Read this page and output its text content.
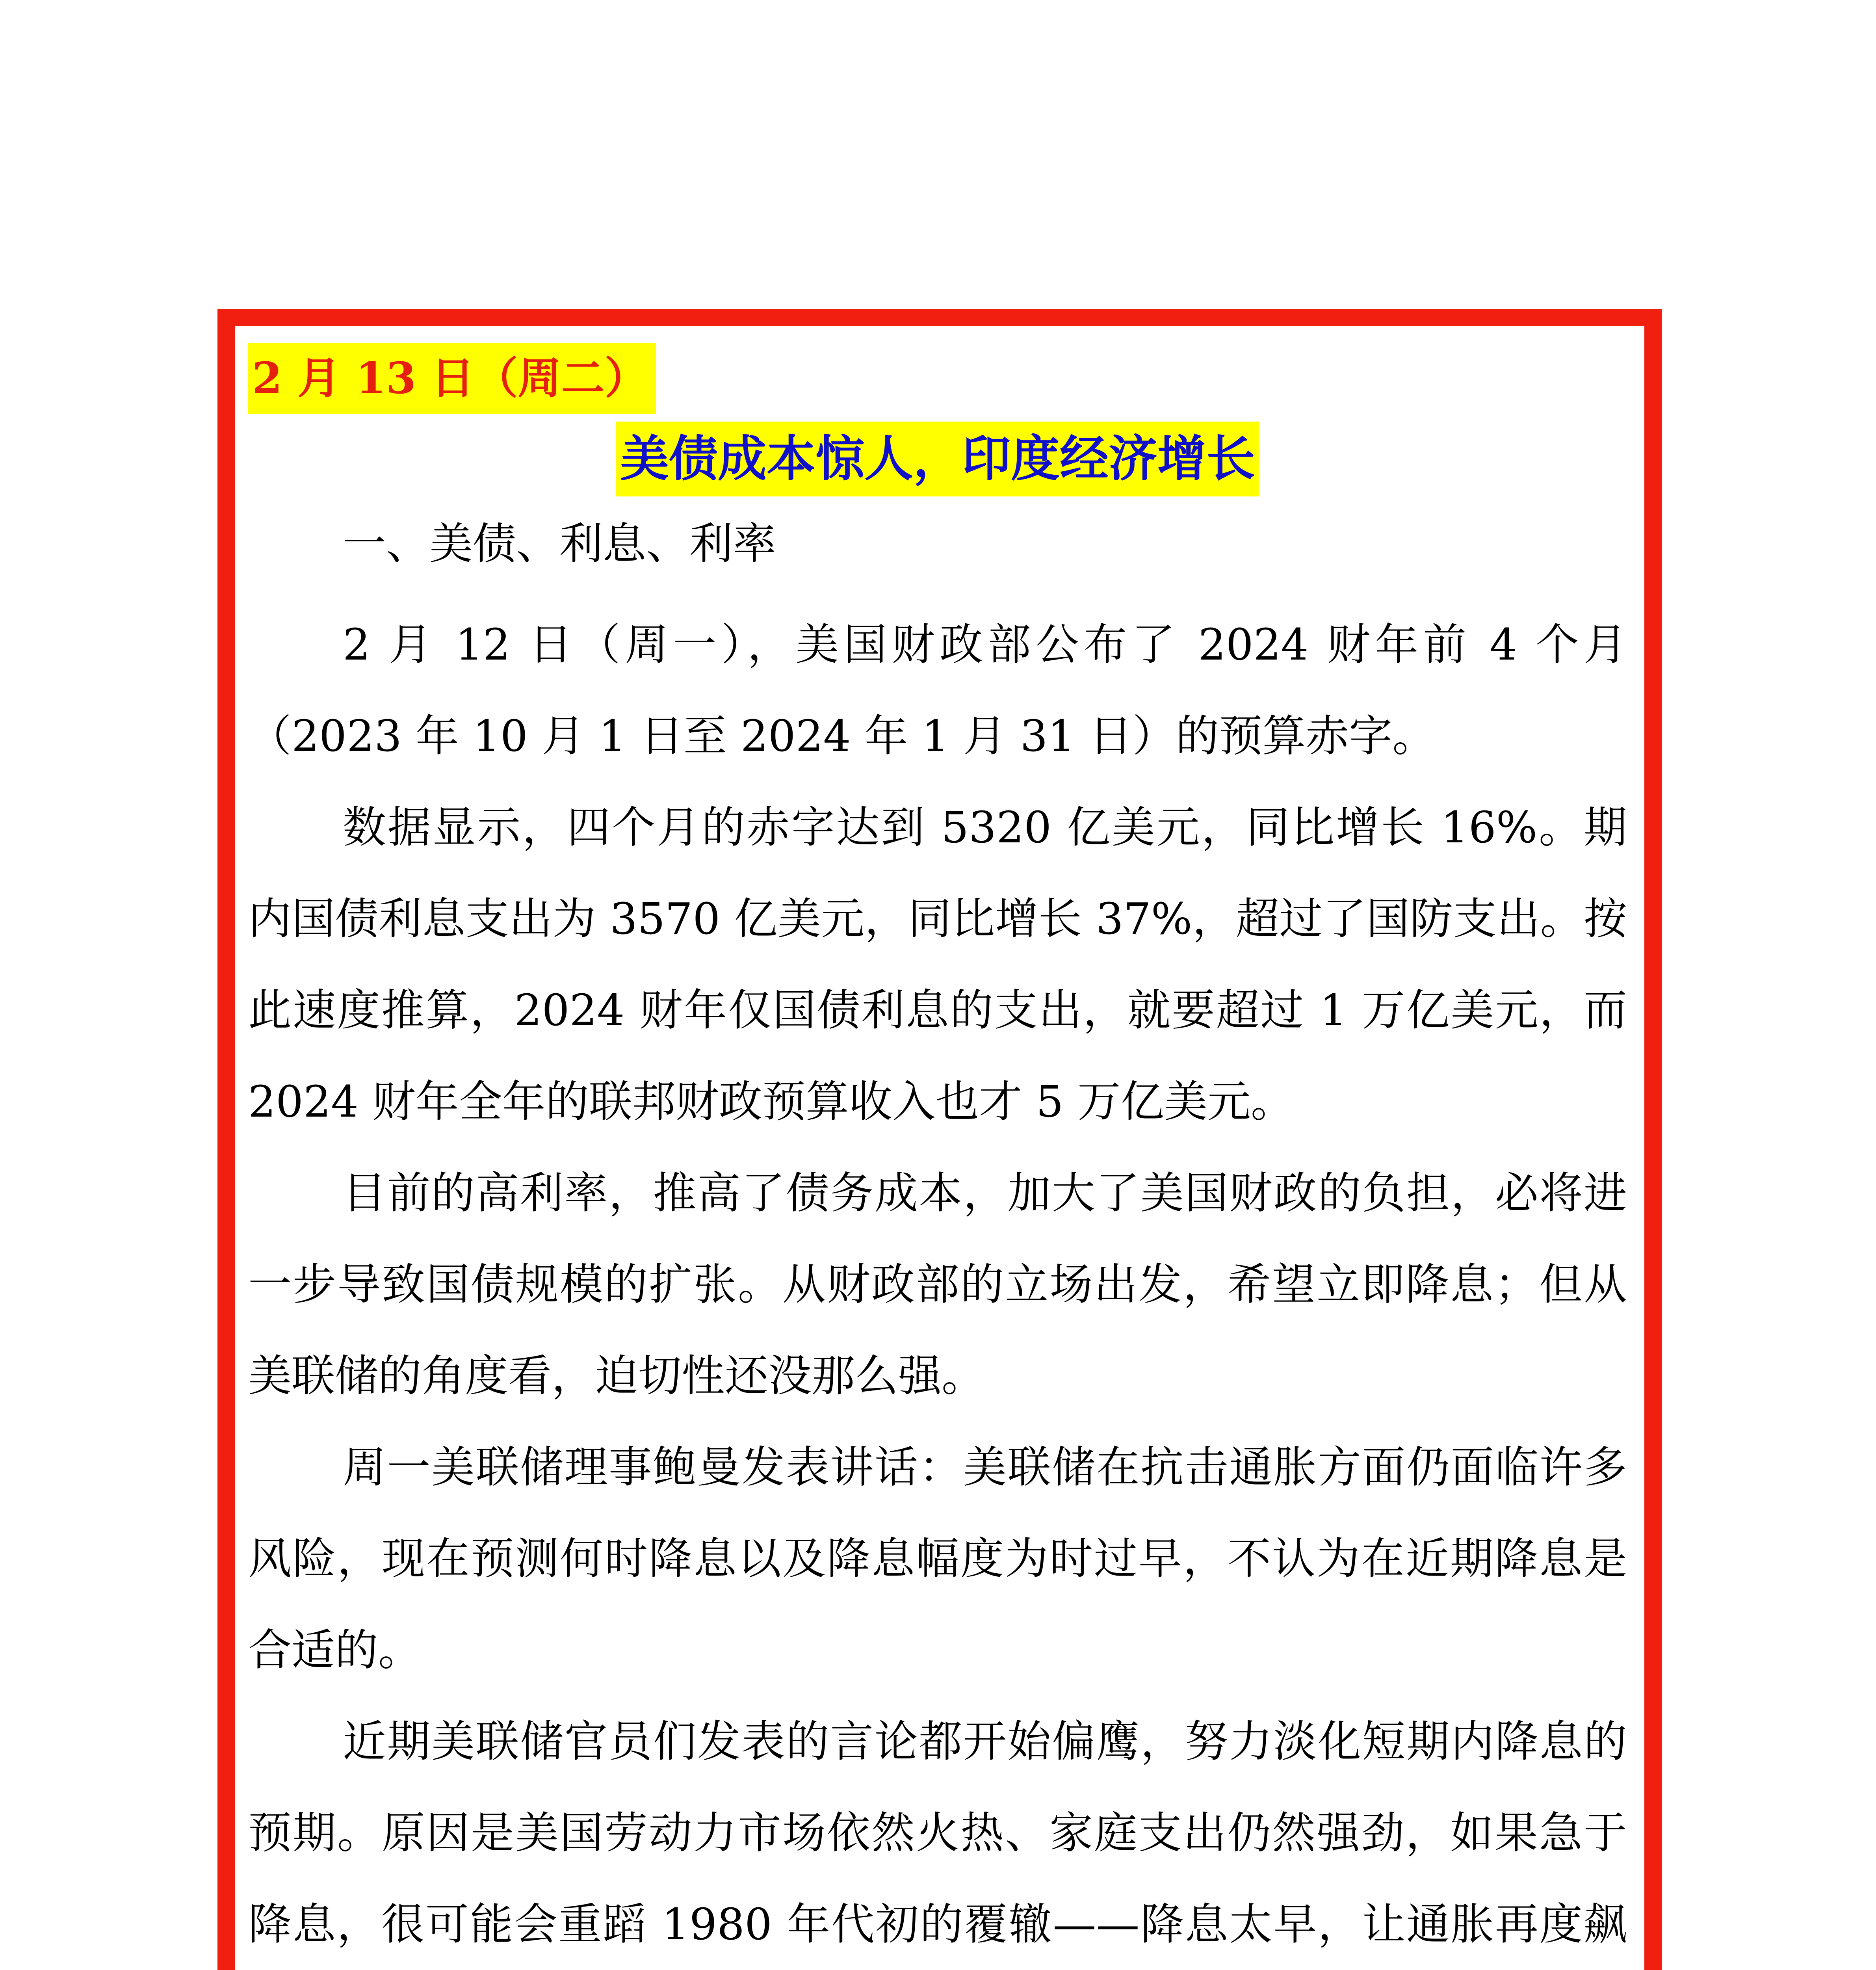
2 月 13 日（周二）
美债成本惊人，印度经济增长
一、美债、利息、利率

2 月 12 日（周一），美国财政部公布了 2024 财年前 4 个月（2023 年 10 月 1 日至 2024 年 1 月 31 日）的预算赤字。

数据显示，四个月的赤字达到 5320 亿美元，同比增长 16%。期内国债利息支出为 3570 亿美元，同比增长 37%，超过了国防支出。按此速度推算，2024 财年仅国债利息的支出，就要超过 1 万亿美元，而 2024 财年全年的联邦财政预算收入也才 5 万亿美元。

目前的高利率，推高了债务成本，加大了美国财政的负担，必将进一步导致国债规模的扩张。从财政部的立场出发，希望立即降息；但从美联储的角度看，迫切性还没那么强。

周一美联储理事鲍曼发表讲话：美联储在抗击通胀方面仍面临许多风险，现在预测何时降息以及降息幅度为时过早，不认为在近期降息是合适的。

近期美联储官员们发表的言论都开始偏鹰，努力淡化短期内降息的预期。原因是美国劳动力市场依然火热、家庭支出仍然强劲，如果急于降息，很可能会重蹈 1980 年代初的覆辙——降息太早，让通胀再度飙
